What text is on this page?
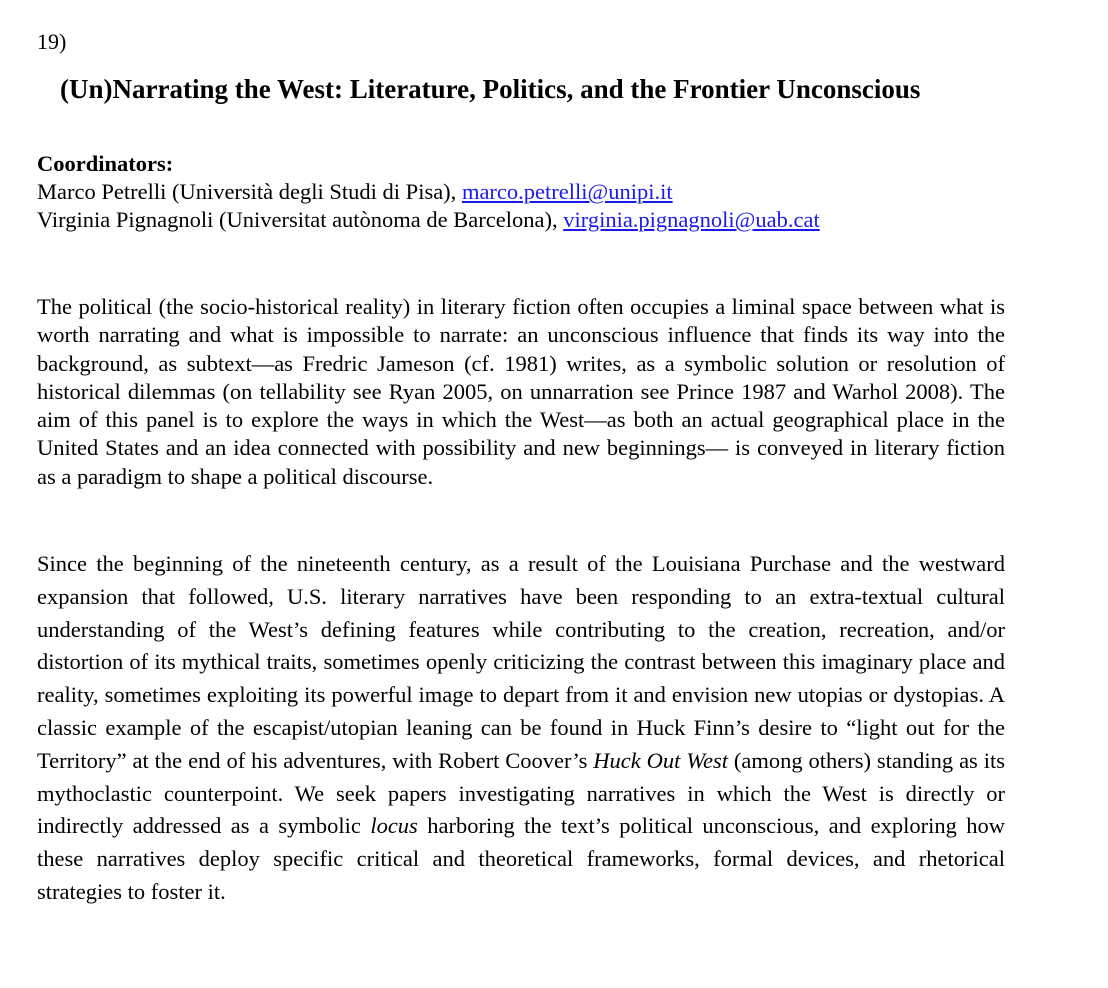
19)
(Un)Narrating the West: Literature, Politics, and the Frontier Unconscious
Coordinators:
Marco Petrelli (Università degli Studi di Pisa), marco.petrelli@unipi.it
Virginia Pignagnoli (Universitat autònoma de Barcelona), virginia.pignagnoli@uab.cat

The political (the socio-historical reality) in literary fiction often occupies a liminal space between what is worth narrating and what is impossible to narrate: an unconscious influence that finds its way into the background, as subtext—as Fredric Jameson (cf. 1981) writes, as a symbolic solution or resolution of historical dilemmas (on tellability see Ryan 2005, on unnarration see Prince 1987 and Warhol 2008). The aim of this panel is to explore the ways in which the West—as both an actual geographical place in the United States and an idea connected with possibility and new beginnings— is conveyed in literary fiction as a paradigm to shape a political discourse.

Since the beginning of the nineteenth century, as a result of the Louisiana Purchase and the westward expansion that followed, U.S. literary narratives have been responding to an extra-textual cultural understanding of the West’s defining features while contributing to the creation, recreation, and/or distortion of its mythical traits, sometimes openly criticizing the contrast between this imaginary place and reality, sometimes exploiting its powerful image to depart from it and envision new utopias or dystopias. A classic example of the escapist/utopian leaning can be found in Huck Finn’s desire to “light out for the Territory” at the end of his adventures, with Robert Coover’s Huck Out West (among others) standing as its mythoclastic counterpoint. We seek papers investigating narratives in which the West is directly or indirectly addressed as a symbolic locus harboring the text’s political unconscious, and exploring how these narratives deploy specific critical and theoretical frameworks, formal devices, and rhetorical strategies to foster it.
